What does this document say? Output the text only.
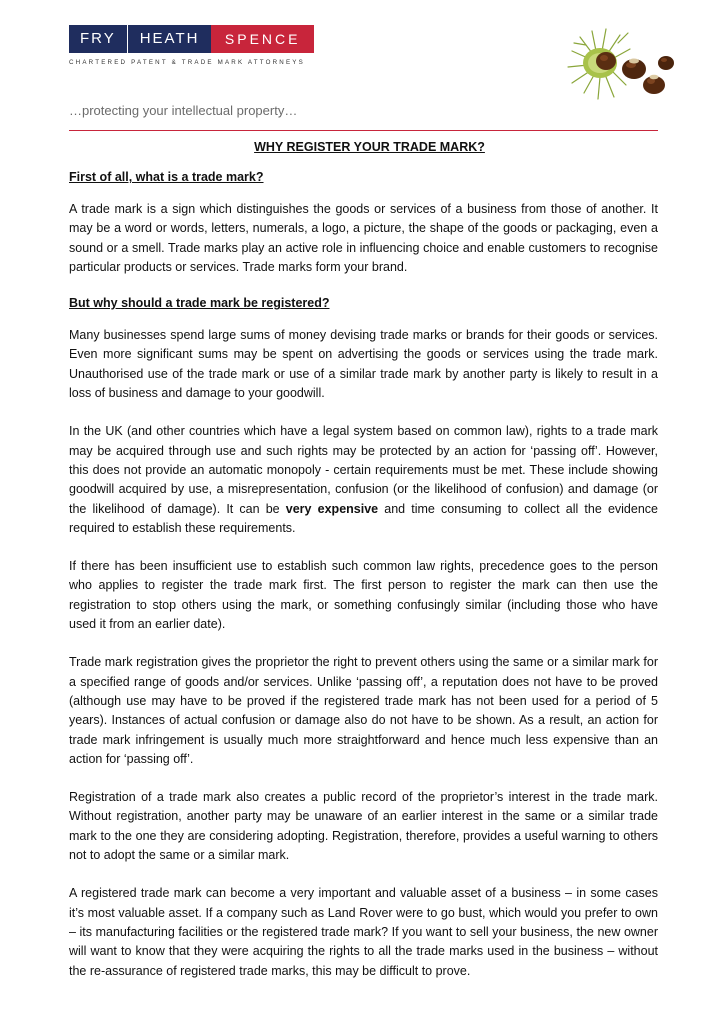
FRY	HEATH	SPENCE
CHARTERED PATENT & TRADE MARK ATTORNEYS
…protecting your intellectual property…

WHY REGISTER YOUR TRADE MARK?

First of all, what is a trade mark?

A trade mark is a sign which distinguishes the goods or services of a business from those of another. It may be a word or words, letters, numerals, a logo, a picture, the shape of the goods or packaging, even a sound or a smell. Trade marks play an active role in influencing choice and enable customers to recognise particular products or services. Trade marks form your brand.

But why should a trade mark be registered?

Many businesses spend large sums of money devising trade marks or brands for their goods or services. Even more significant sums may be spent on advertising the goods or services using the trade mark. Unauthorised use of the trade mark or use of a similar trade mark by another party is likely to result in a loss of business and damage to your goodwill.

In the UK (and other countries which have a legal system based on common law), rights to a trade mark may be acquired through use and such rights may be protected by an action for ‘passing off’. However, this does not provide an automatic monopoly - certain requirements must be met. These include showing goodwill acquired by use, a misrepresentation, confusion (or the likelihood of confusion) and damage (or the likelihood of damage). It can be very expensive and time consuming to collect all the evidence required to establish these requirements.

If there has been insufficient use to establish such common law rights, precedence goes to the person who applies to register the trade mark first. The first person to register the mark can then use the registration to stop others using the mark, or something confusingly similar (including those who have used it from an earlier date).

Trade mark registration gives the proprietor the right to prevent others using the same or a similar mark for a specified range of goods and/or services. Unlike ‘passing off’, a reputation does not have to be proved (although use may have to be proved if the registered trade mark has not been used for a period of 5 years). Instances of actual confusion or damage also do not have to be shown. As a result, an action for trade mark infringement is usually much more straightforward and hence much less expensive than an action for ‘passing off’.

Registration of a trade mark also creates a public record of the proprietor’s interest in the trade mark. Without registration, another party may be unaware of an earlier interest in the same or a similar trade mark to the one they are considering adopting. Registration, therefore, provides a useful warning to others not to adopt the same or a similar mark.

A registered trade mark can become a very important and valuable asset of a business – in some cases it’s most valuable asset. If a company such as Land Rover were to go bust, which would you prefer to own – its manufacturing facilities or the registered trade mark? If you want to sell your business, the new owner will want to know that they were acquiring the rights to all the trade marks used in the business – without the re-assurance of registered trade marks, this may be difficult to prove.
